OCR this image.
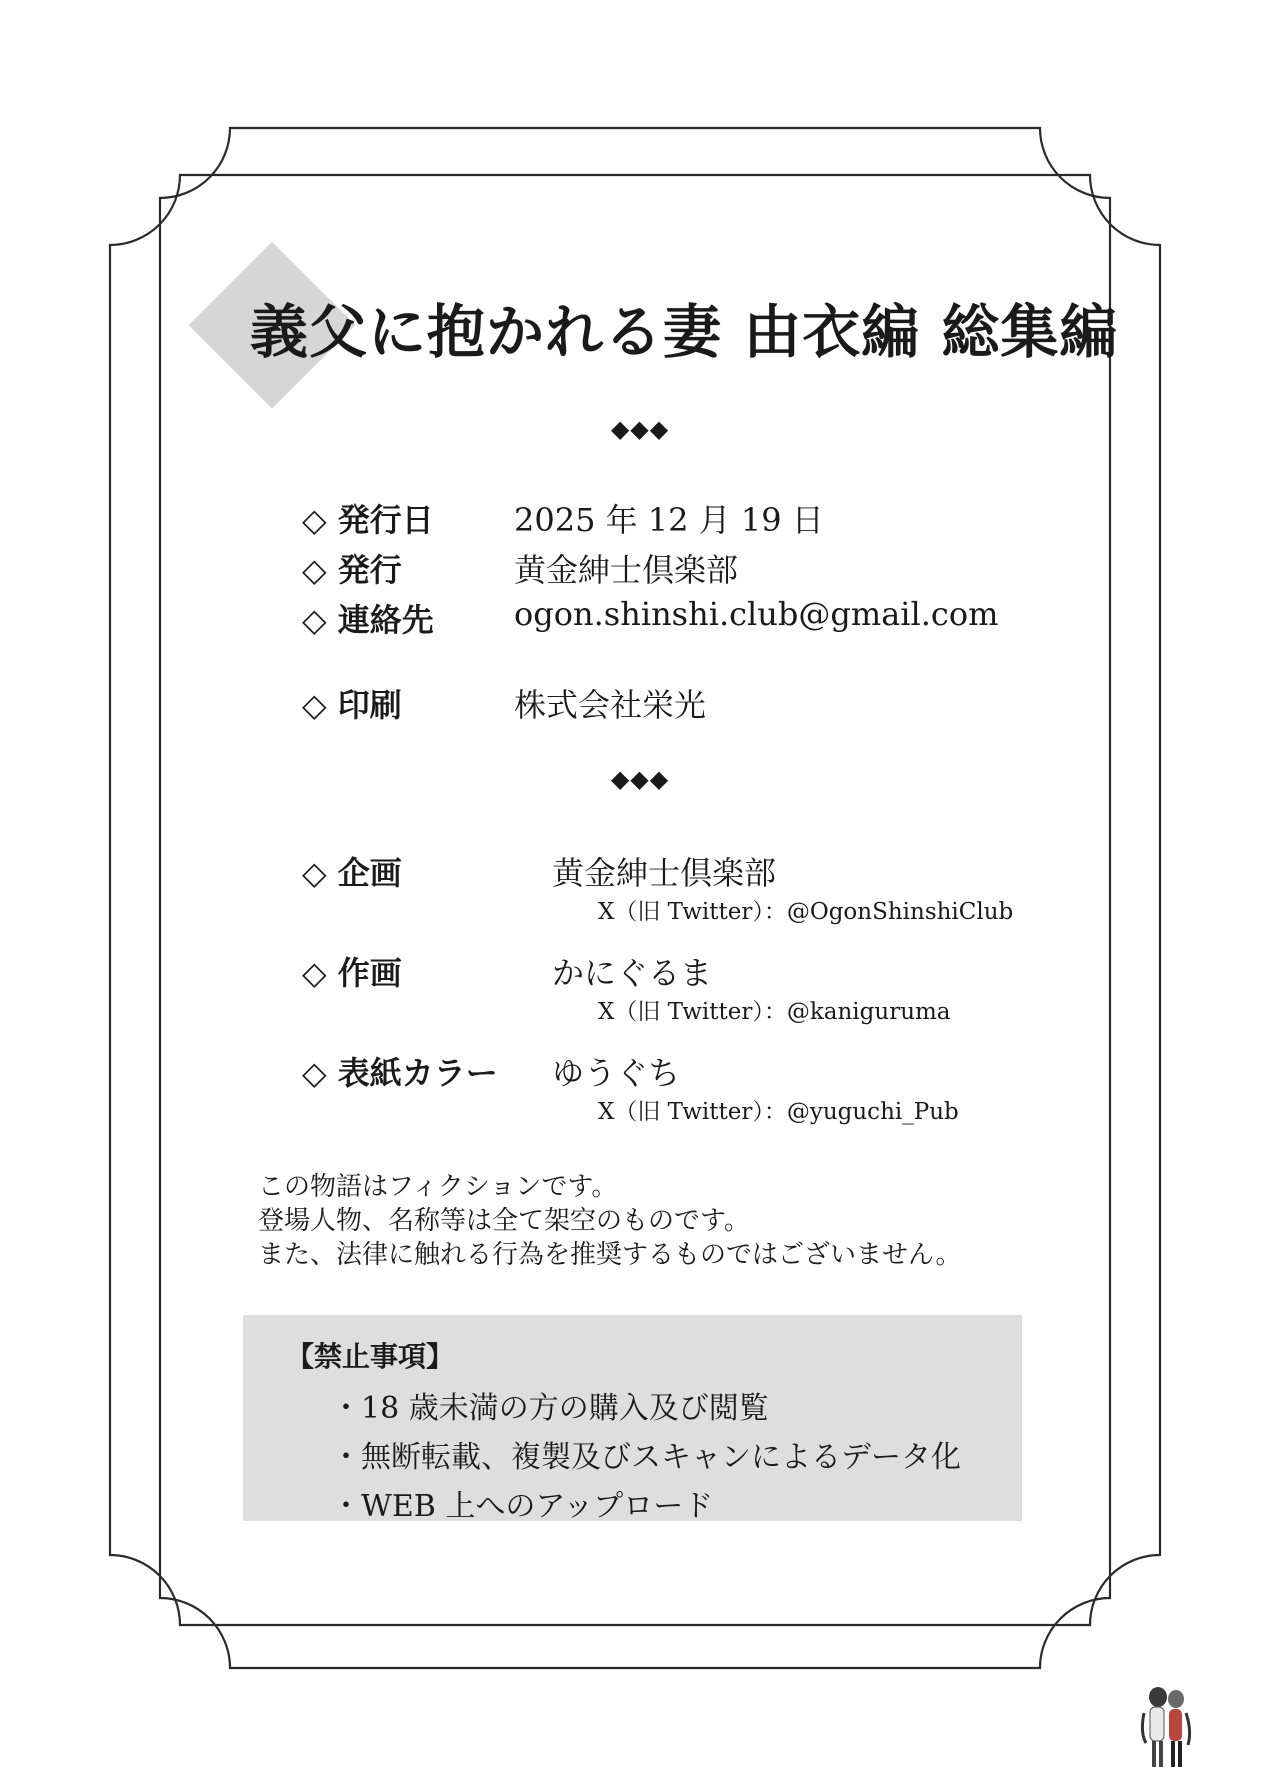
義父に抱かれる妻 由衣編 総集編
◆◆◆
◇ 発行日	2025 年 12 月 19 日
◇ 発行	黄金紳士倶楽部
◇ 連絡先	ogon.shinshi.club@gmail.com
◇ 印刷	株式会社栄光
◆◆◆
◇ 企画	黄金紳士倶楽部
X（旧 Twitter）：@OgonShinshiClub
◇ 作画	かにぐるま
X（旧 Twitter）：@kaniguruma
◇ 表紙カラー ゆうぐち
X（旧 Twitter）：@yuguchi_Pub
この物語はフィクションです。
登場人物、名称等は全て架空のものです。
また、法律に触れる行為を推奨するものではございません。
【禁止事項】
・18 歳未満の方の購入及び閲覧
・無断転載、複製及びスキャンによるデータ化
・WEB 上へのアップロード
